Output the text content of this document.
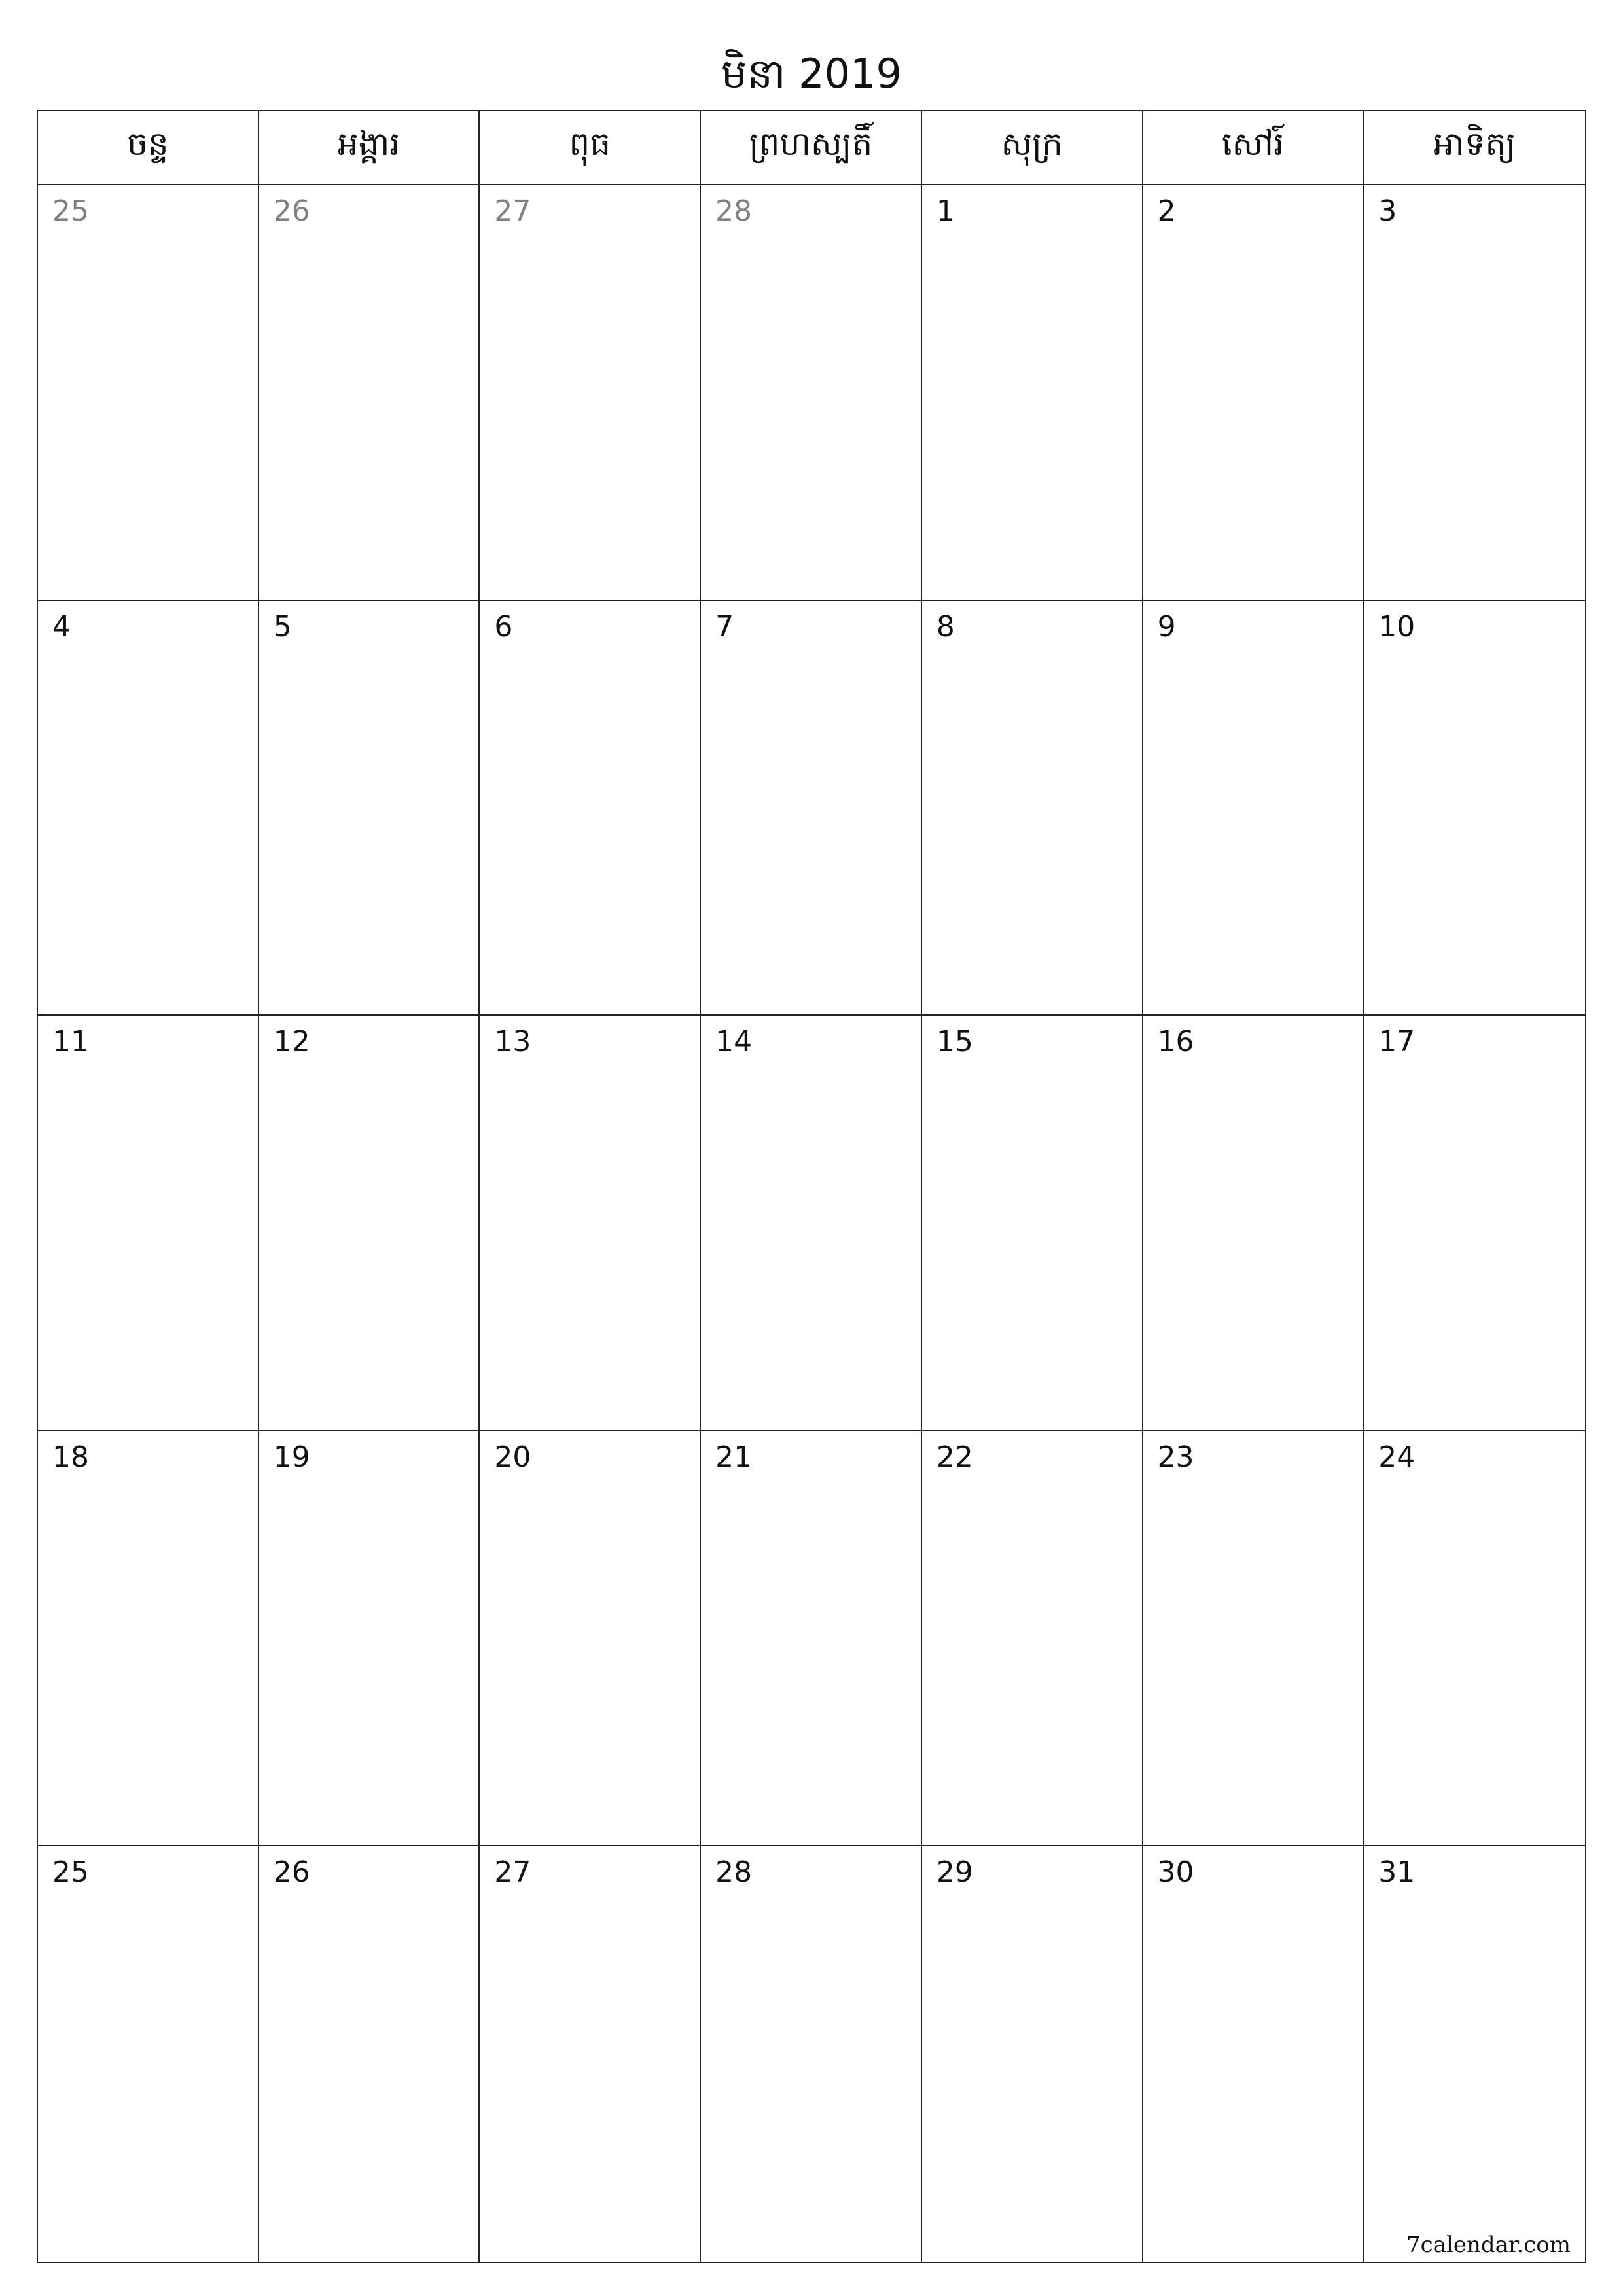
មិនា 2019
ចន្ទ	អង្គារ	ពុធ	ព្រហស្បតិ៍	សុក្រ	សៅរ៍	អាទិត្យ
25	26	27	28	1	2	3
4	5	6	7	8	9	10
11	12	13	14	15	16	17
18	19	20	21	22	23	24
25	26	27	28	29	30	31
7calendar.com
